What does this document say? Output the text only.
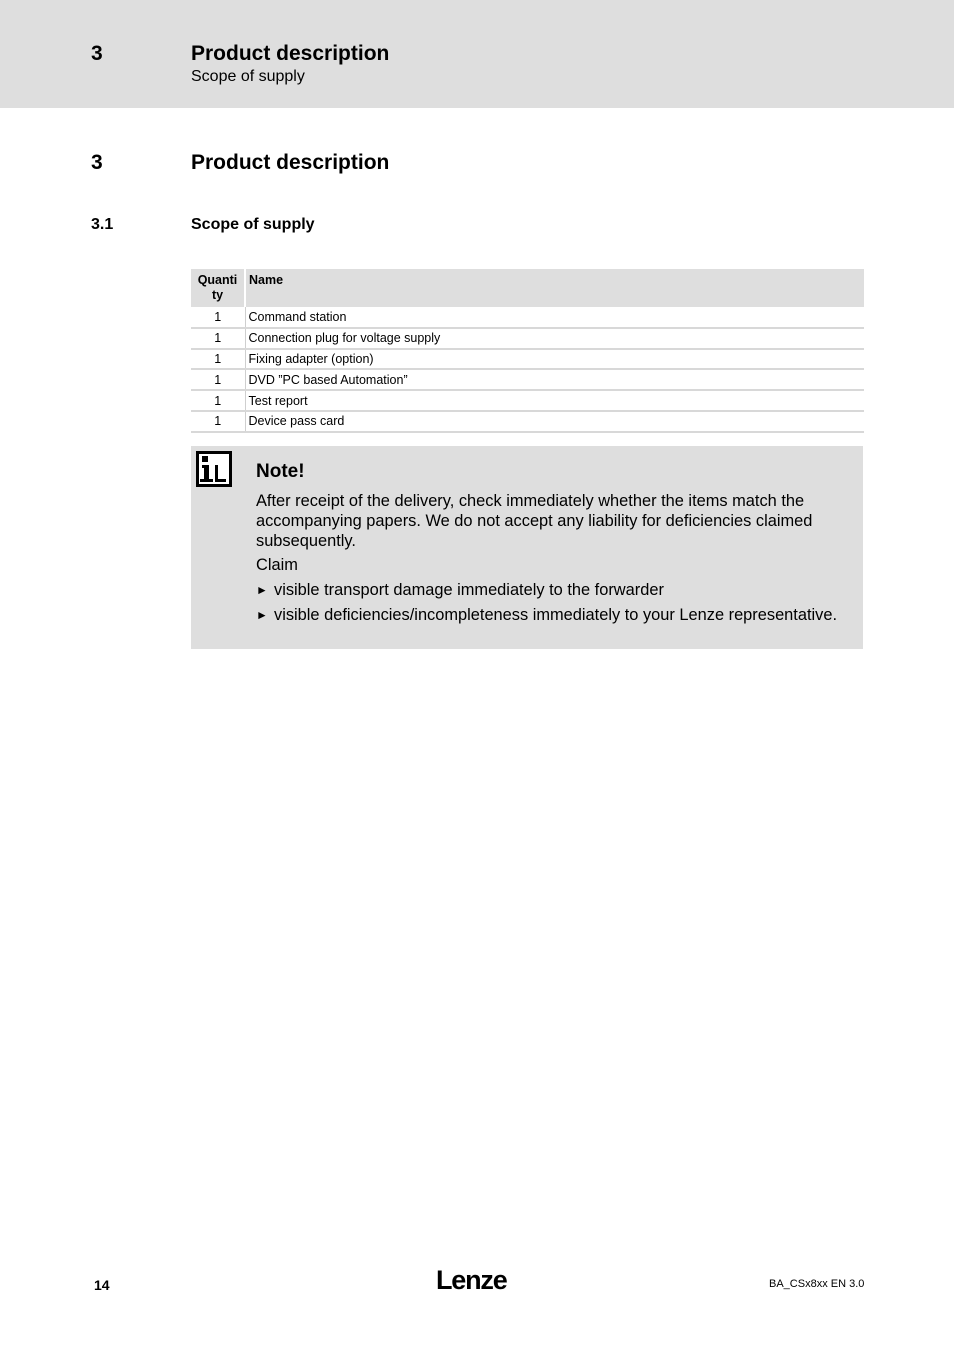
3	Product description
Scope of supply
3	Product description
3.1	Scope of supply
Quanti ty	Name
1	Command station
1	Connection plug for voltage supply
1	Fixing adapter (option)
1	DVD ”PC based Automation”
1	Test report
1	Device pass card
Note!
After receipt of the delivery, check immediately whether the items match the accompanying papers. We do not accept any liability for deficiencies claimed subsequently.
Claim
► visible transport damage immediately to the forwarder
► visible deficiencies/incompleteness immediately to your Lenze representative.
14	Lenze	BA_CSx8xx EN 3.0
